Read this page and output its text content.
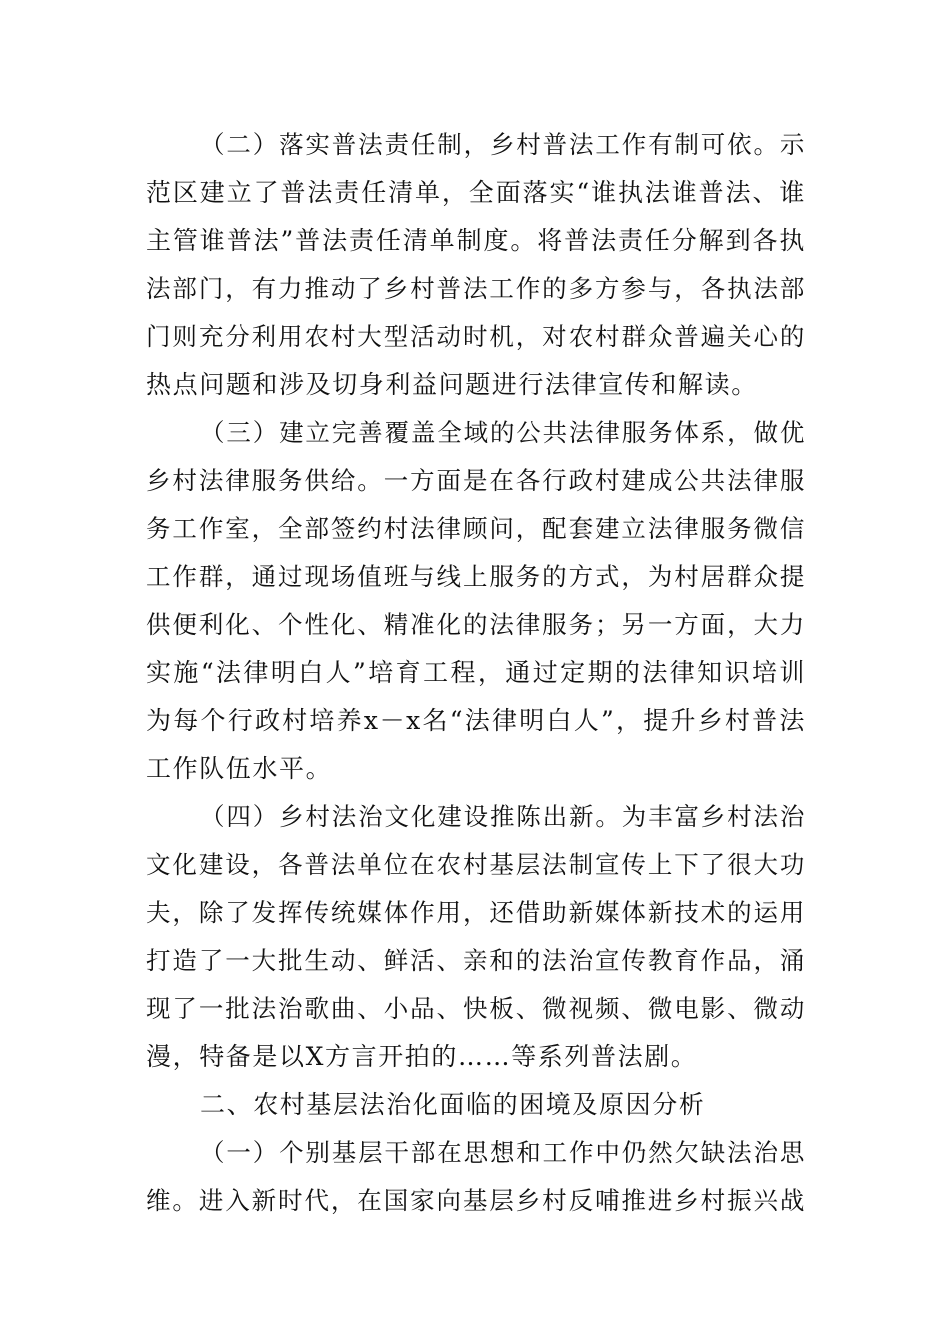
（二）落实普法责任制，乡村普法工作有制可依。示
范区建立了普法责任清单，全面落实“谁执法谁普法、谁
主管谁普法”普法责任清单制度。将普法责任分解到各执
法部门，有力推动了乡村普法工作的多方参与，各执法部
门则充分利用农村大型活动时机，对农村群众普遍关心的
热点问题和涉及切身利益问题进行法律宣传和解读。
（三）建立完善覆盖全域的公共法律服务体系，做优
乡村法律服务供给。一方面是在各行政村建成公共法律服
务工作室，全部签约村法律顾问，配套建立法律服务微信
工作群，通过现场值班与线上服务的方式，为村居群众提
供便利化、个性化、精准化的法律服务；另一方面，大力
实施“法律明白人”培育工程，通过定期的法律知识培训
为每个行政村培养x－x名“法律明白人”，提升乡村普法
工作队伍水平。
（四）乡村法治文化建设推陈出新。为丰富乡村法治
文化建设，各普法单位在农村基层法制宣传上下了很大功
夫，除了发挥传统媒体作用，还借助新媒体新技术的运用
打造了一大批生动、鲜活、亲和的法治宣传教育作品，涌
现了一批法治歌曲、小品、快板、微视频、微电影、微动
漫，特备是以X方言开拍的……等系列普法剧。
二、农村基层法治化面临的困境及原因分析
（一）个别基层干部在思想和工作中仍然欠缺法治思
维。进入新时代，在国家向基层乡村反哺推进乡村振兴战
